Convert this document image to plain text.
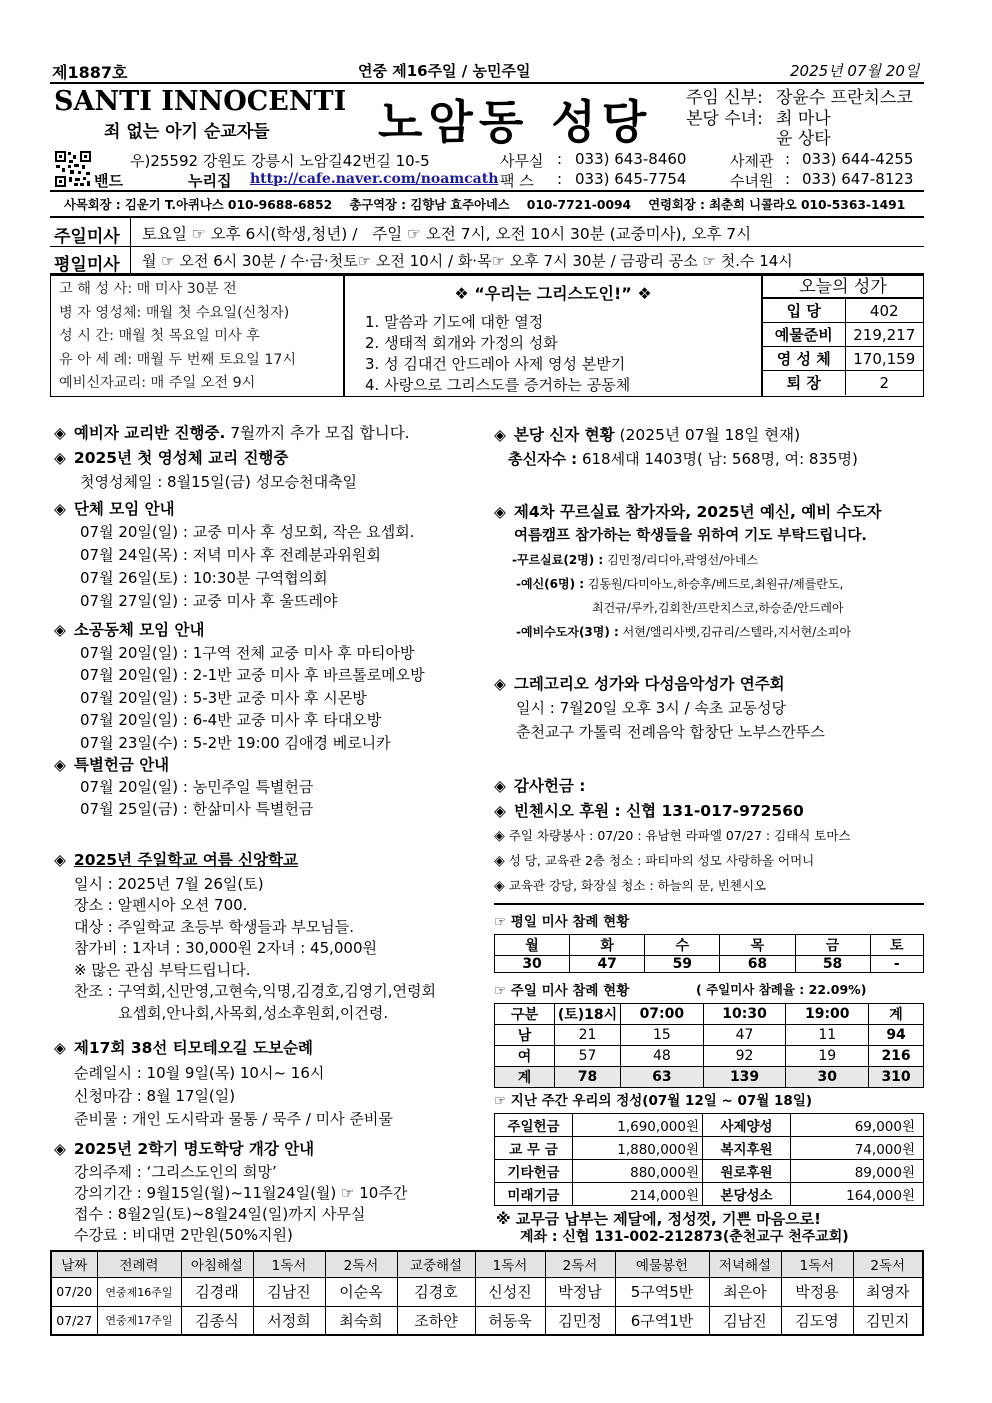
제1887호	연중 제16주일 / 농민주일	2025년 07월 20일
SANTI INNOCENTI
죄 없는 아기 순교자들 노암동 성당 주임 신부: 장윤수 프란치스코
본당 수녀: 최 마나
윤 상타
우)25592 강원도 강릉시 노암길42번길 10-5	사무실 : 033) 643-8460	사제관 : 033) 644-4255
밴드	누리집 http://cafe.naver.com/noamcath 팩 스 : 033) 645-7754	수녀원 : 033) 647-8123
사목회장 : 김운기 T.아퀴나스 010-9688-6852    총구역장 : 김향남 효주아네스    010-7721-0094    연령회장 : 최춘희 니콜라오 010-5363-1491
주일미사 토요일 ☞ 오후 6시(학생,청년) /   주일 ☞ 오전 7시, 오전 10시 30분 (교중미사), 오후 7시
평일미사 월 ☞ 오전 6시 30분 / 수·금·첫토☞ 오전 10시 / 화·목☞ 오후 7시 30분 / 금광리 공소 ☞ 첫.수 14시
고 해 성 사: 매 미사 30분 전
병 자 영성체: 매월 첫 수요일(신청자)
성 시 간: 매월 첫 목요일 미사 후
유 아 세 례: 매월 두 번째 토요일 17시
예비신자교리: 매 주일 오전 9시
❖ “우리는 그리스도인!” ❖
1. 말씀과 기도에 대한 열정
2. 생태적 회개와 가정의 성화
3. 성 김대건 안드레아 사제 영성 본받기
4. 사랑으로 그리스도를 증거하는 공동체
오늘의 성가
입 당	402
예물준비	219,217
영 성 체	170,159
퇴 장	2
◈ 예비자 교리반 진행중. 7월까지 추가 모집 합니다.
◈ 2025년 첫 영성체 교리 진행중
첫영성체일 : 8월15일(금) 성모승천대축일
◈ 단체 모임 안내
07월 20일(일) : 교중 미사 후 성모회, 작은 요셉회.
07월 24일(목) : 저녁 미사 후 전례분과위원회
07월 26일(토) : 10:30분 구역협의회
07월 27일(일) : 교중 미사 후 울뜨레야
◈ 소공동체 모임 안내
07월 20일(일) : 1구역 전체 교중 미사 후 마티아방
07월 20일(일) : 2-1반 교중 미사 후 바르톨로메오방
07월 20일(일) : 5-3반 교중 미사 후 시몬방
07월 20일(일) : 6-4반 교중 미사 후 타대오방
07월 23일(수) : 5-2반 19:00 김애경 베로니카
◈ 특별헌금 안내
07월 20일(일) : 농민주일 특별헌금
07월 25일(금) : 한삶미사 특별헌금
◈ 2025년 주일학교 여름 신앙학교
일시 : 2025년 7월 26일(토)
장소 : 알펜시아 오션 700.
대상 : 주일학교 초등부 학생들과 부모님들.
참가비 : 1자녀 : 30,000원 2자녀 : 45,000원
※ 많은 관심 부탁드립니다.
찬조 : 구역회,신만영,고현숙,익명,김경호,김영기,연령회
요셉회,안나회,사목회,성소후원회,이건령.
◈ 제17회 38선 티모테오길 도보순례
순례일시 : 10월 9일(목) 10시~ 16시
신청마감 : 8월 17일(일)
준비물 : 개인 도시락과 물통 / 묵주 / 미사 준비물
◈ 2025년 2학기 명도학당 개강 안내
강의주제 : ‘그리스도인의 희망’
강의기간 : 9월15일(월)~11월24일(월) ☞ 10주간
접수 : 8월2일(토)~8월24일(일)까지 사무실
수강료 : 비대면 2만원(50%지원)
◈ 본당 신자 현황 (2025년 07월 18일 현재)
총신자수 : 618세대 1403명( 남: 568명, 여: 835명)
◈ 제4차 꾸르실료 참가자와, 2025년 예신, 예비 수도자
여름캠프 참가하는 학생들을 위하여 기도 부탁드립니다.
-꾸르실료(2명) : 김민정/리디아,곽영선/아네스
-예신(6명) : 김동원/다미아노,하승후/베드로,최원규/제를란도,
최건규/루카,김회찬/프란치스코,하승준/안드레아
-예비수도자(3명) : 서현/엘리사벳,김규리/스텔라,지서현/소피아
◈ 그레고리오 성가와 다성음악성가 연주회
일시 : 7월20일 오후 3시 / 속초 교동성당
춘천교구 가톨릭 전례음악 합창단 노부스깐뚜스
◈ 감사헌금 :
◈ 빈첸시오 후원 : 신협 131-017-972560
◈ 주일 차량봉사 : 07/20 : 유남현 라파엘 07/27 : 김태식 토마스
◈ 성 당, 교육관 2층 청소 : 파티마의 성모 사랑하올 어머니
◈ 교육관 강당, 화장실 청소 : 하늘의 문, 빈첸시오
☞ 평일 미사 참례 현황
월	화	수	목	금	토
30	47	59	68	58	-
☞ 주일 미사 참례 현황	( 주일미사 참례율 : 22.09%)
구분	(토)18시	07:00	10:30	19:00	계
남	21	15	47	11	94
여	57	48	92	19	216
계	78	63	139	30	310
☞ 지난 주간 우리의 정성(07월 12일 ~ 07월 18일)
주일헌금	1,690,000원	사제양성	69,000원
교 무 금	1,880,000원	복지후원	74,000원
기타헌금	880,000원	원로후원	89,000원
미래기금	214,000원	본당성소	164,000원
※ 교무금 납부는 제달에, 정성껏, 기쁜 마음으로!
계좌 : 신협 131-002-212873(춘천교구 천주교회)
날짜	전례력	아침해설	1독서	2독서	교중해설	1독서	2독서	예물봉헌	저녁해설	1독서	2독서
07/20	연중제16주일	김경래	김남진	이순옥	김경호	신성진	박정남	5구역5반	최은아	박정용	최영자
07/27	연중제17주일	김종식	서정희	최숙희	조하얀	허동욱	김민정	6구역1반	김남진	김도영	김민지
